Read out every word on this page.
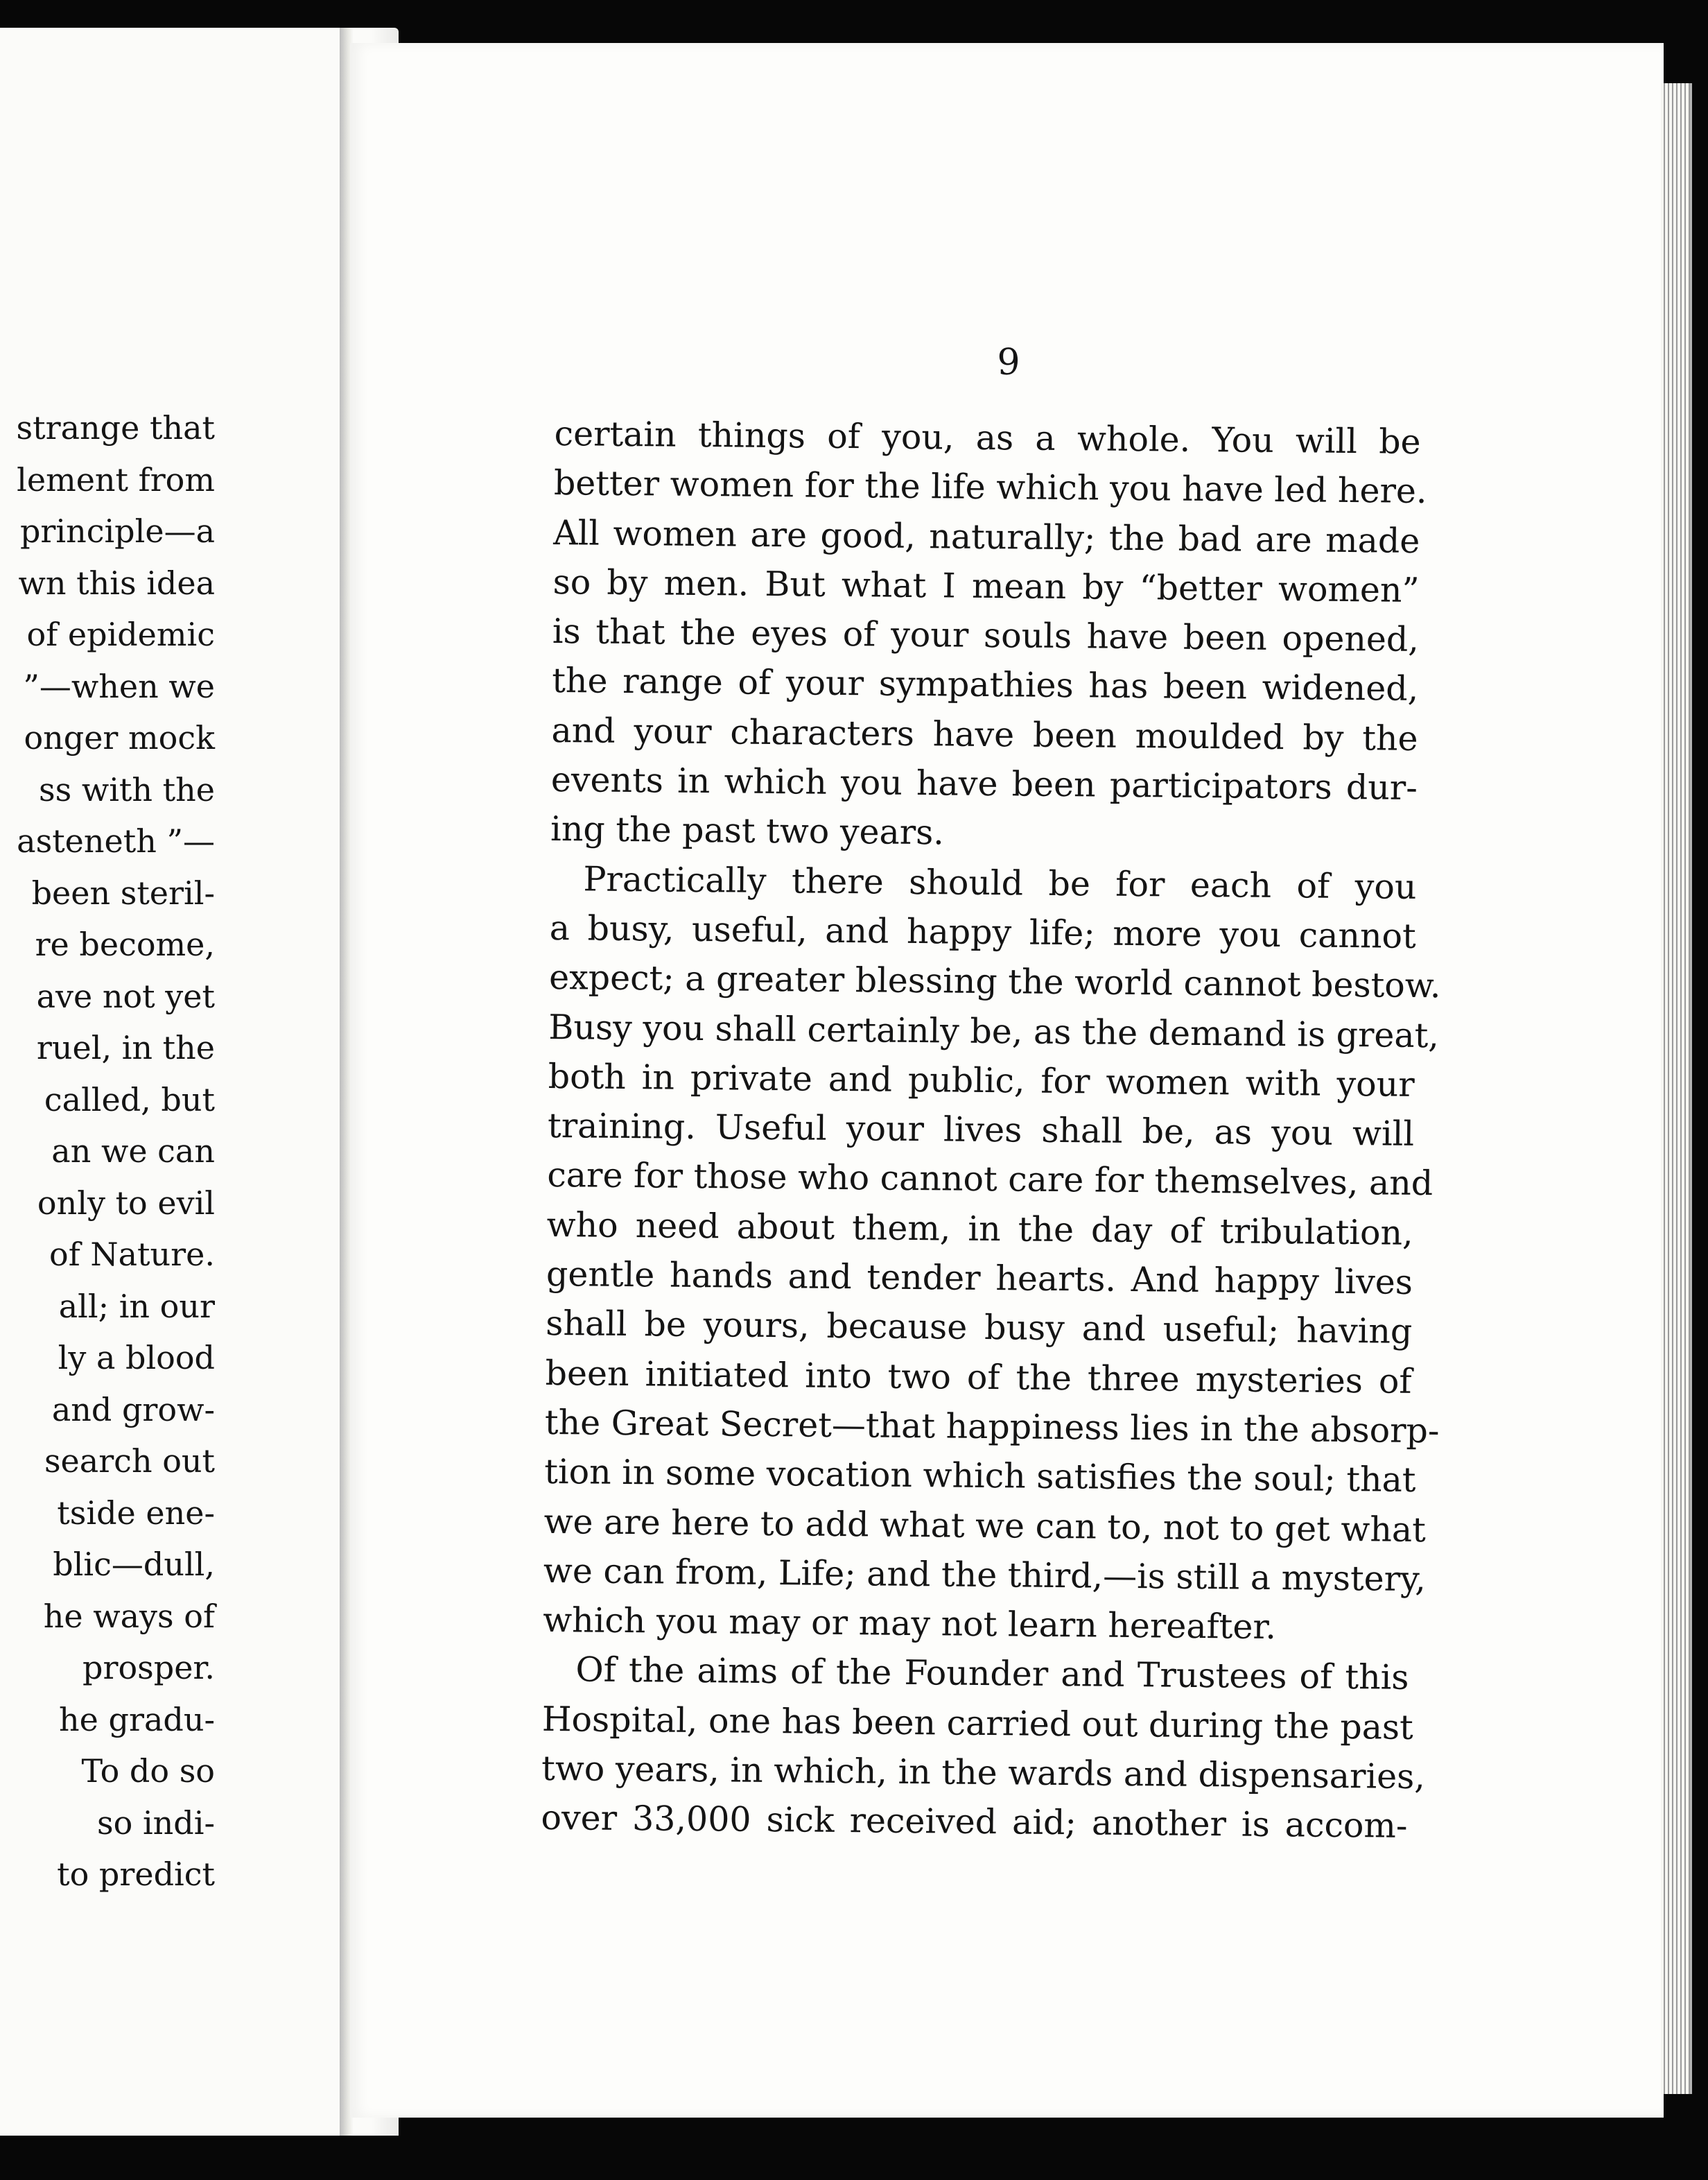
strange that
lement from
principle—a
wn this idea
of epidemic
”—when we
onger mock
ss with the
asteneth ”—
been steril-
re become,
ave not yet
ruel, in the
called, but
an we can
only to evil
of Nature.
all; in our
ly a blood
and grow-
search out
tside ene-
blic—dull,
he ways of
prosper.
he gradu-
To do so
so indi-
to predict
9
certain things of you, as a whole. You will be
better women for the life which you have led here.
All women are good, naturally; the bad are made
so by men. But what I mean by “better women”
is that the eyes of your souls have been opened,
the range of your sympathies has been widened,
and your characters have been moulded by the
events in which you have been participators dur-
ing the past two years.
Practically there should be for each of you
a busy, useful, and happy life; more you cannot
expect; a greater blessing the world cannot bestow.
Busy you shall certainly be, as the demand is great,
both in private and public, for women with your
training. Useful your lives shall be, as you will
care for those who cannot care for themselves, and
who need about them, in the day of tribulation,
gentle hands and tender hearts. And happy lives
shall be yours, because busy and useful; having
been initiated into two of the three mysteries of
the Great Secret—that happiness lies in the absorp-
tion in some vocation which satisfies the soul; that
we are here to add what we can to, not to get what
we can from, Life; and the third,—is still a mystery,
which you may or may not learn hereafter.
Of the aims of the Founder and Trustees of this
Hospital, one has been carried out during the past
two years, in which, in the wards and dispensaries,
over 33,000 sick received aid; another is accom-
